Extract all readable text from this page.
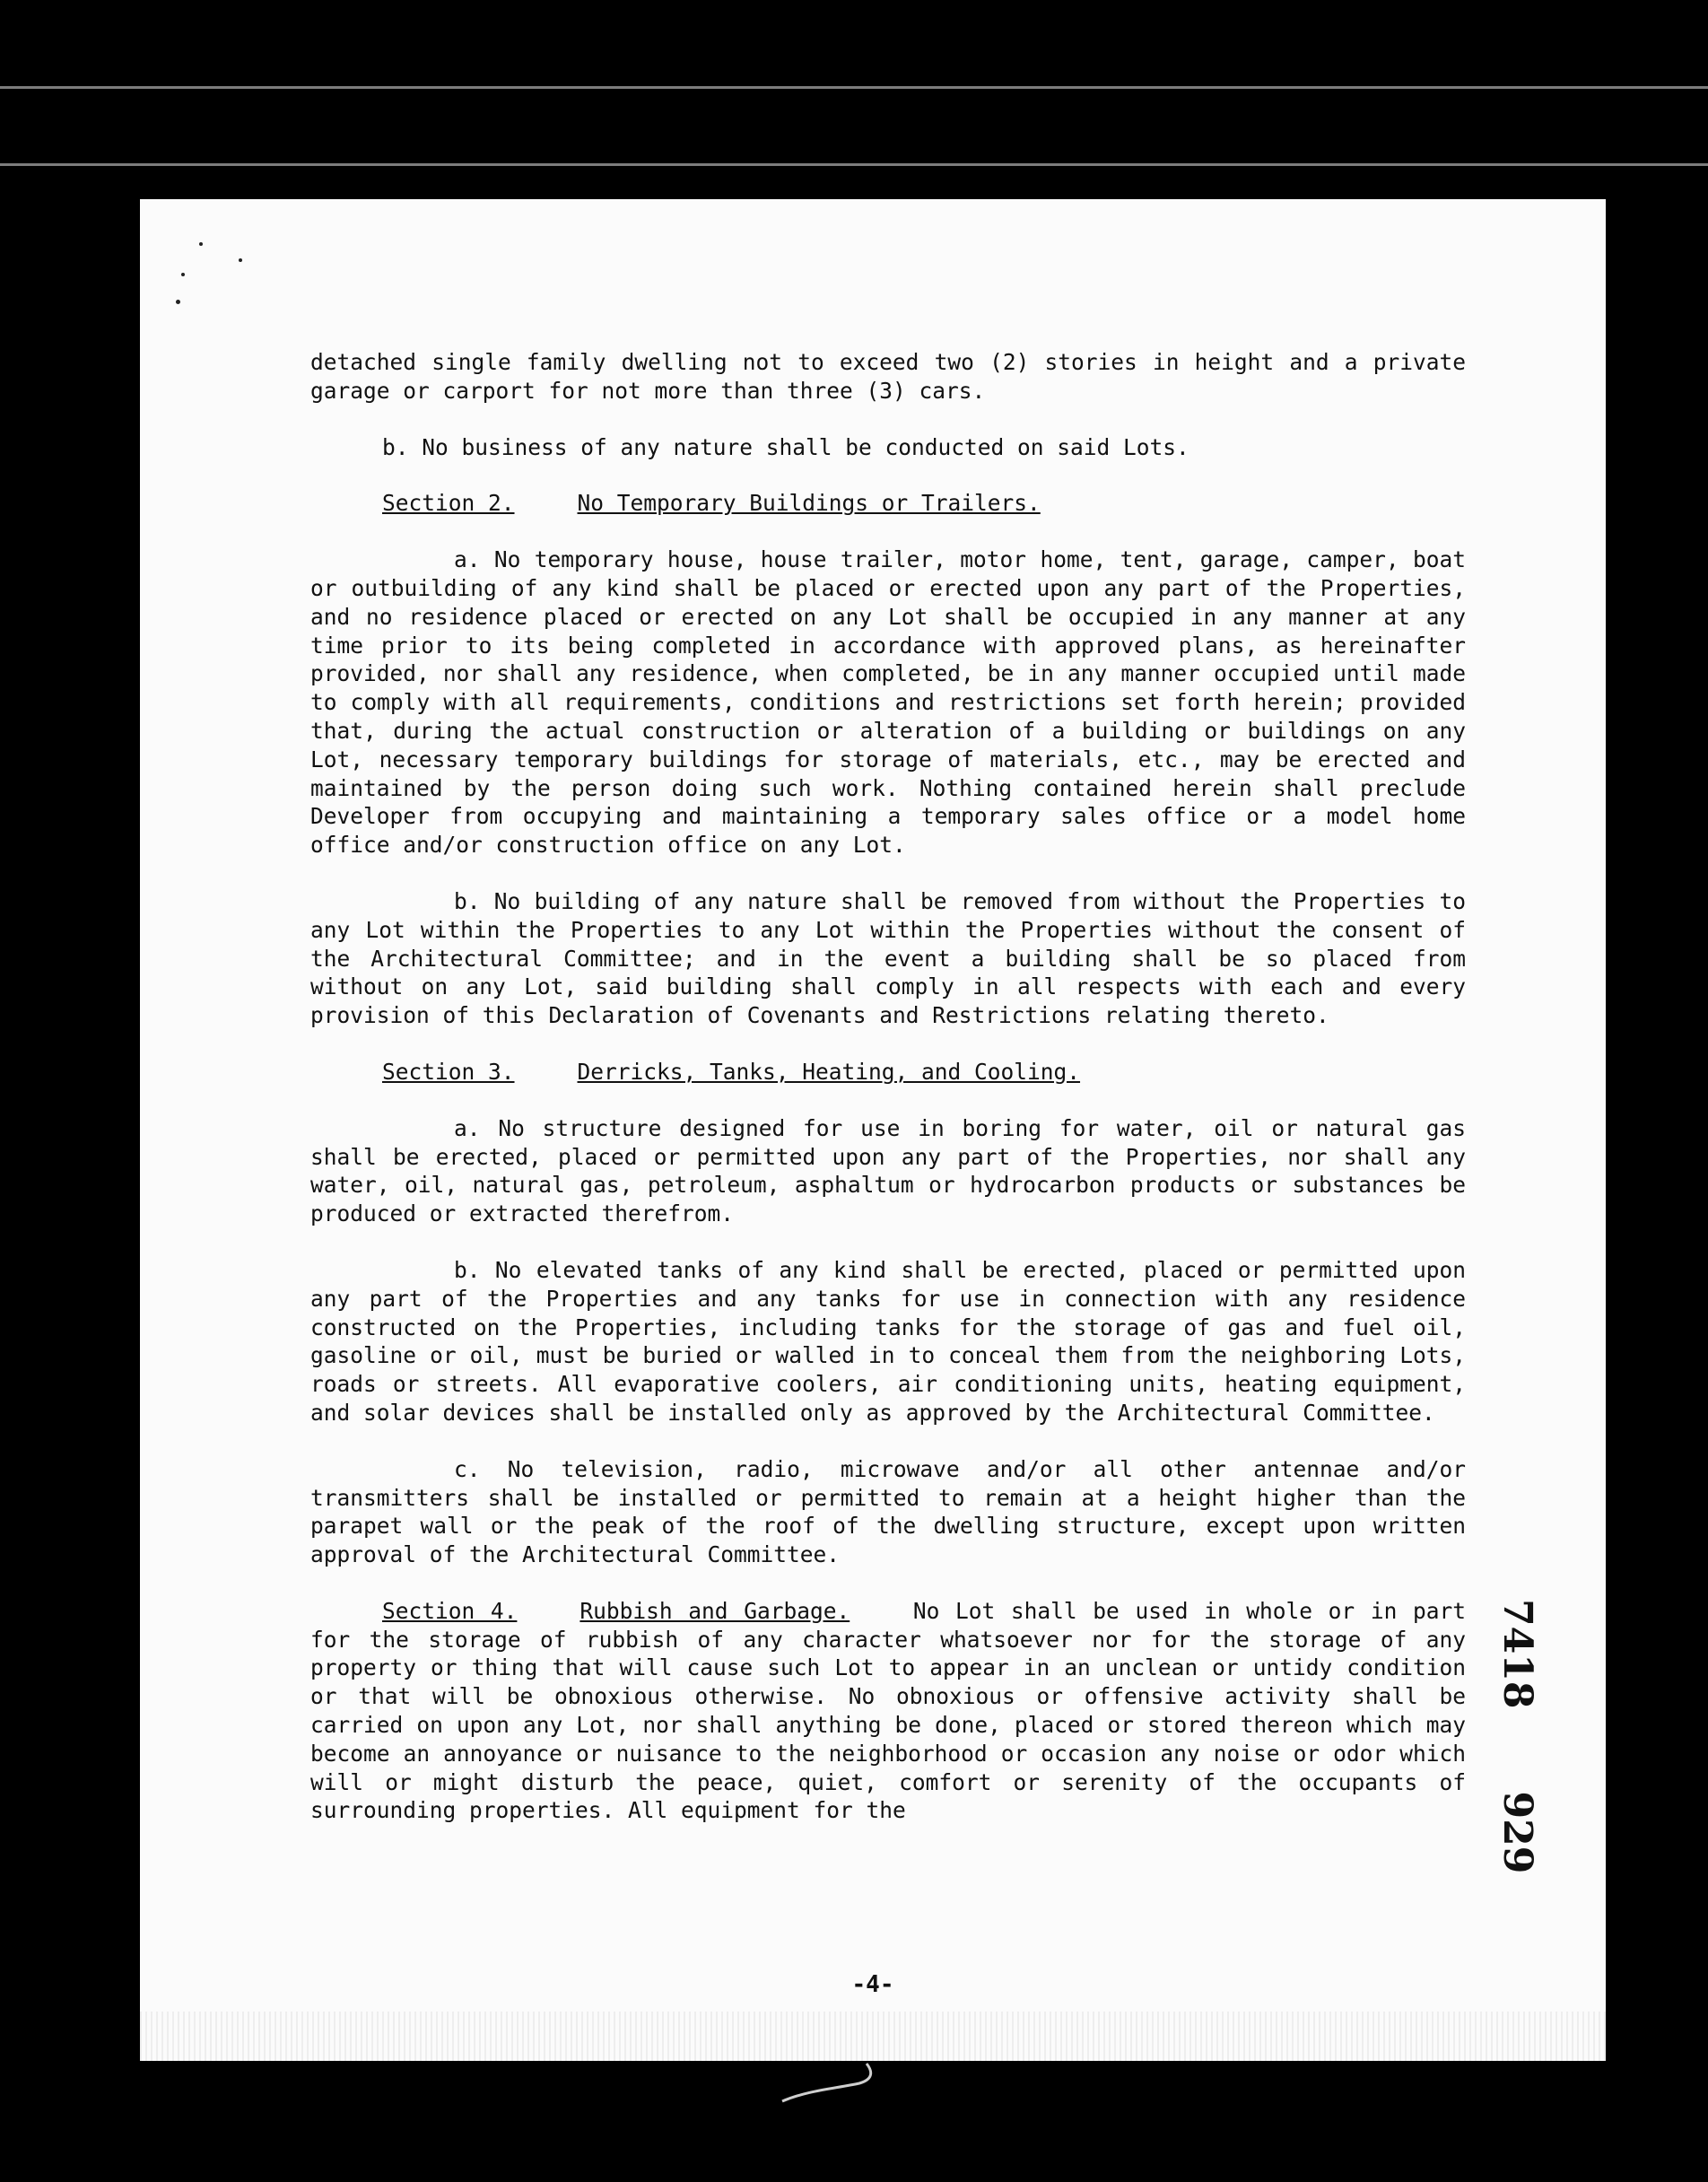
detached single family dwelling not to exceed two (2) stories in height and a private garage or carport for not more than three (3) cars.

b. No business of any nature shall be conducted on said Lots.

Section 2.	No Temporary Buildings or Trailers.

a. No temporary house, house trailer, motor home, tent, garage, camper, boat or outbuilding of any kind shall be placed or erected upon any part of the Properties, and no residence placed or erected on any Lot shall be occupied in any manner at any time prior to its being completed in accordance with approved plans, as hereinafter provided, nor shall any residence, when completed, be in any manner occupied until made to comply with all requirements, conditions and restrictions set forth herein; provided that, during the actual construction or alteration of a building or buildings on any Lot, necessary temporary buildings for storage of materials, etc., may be erected and maintained by the person doing such work. Nothing contained herein shall preclude Developer from occupying and maintaining a temporary sales office or a model home office and/or construction office on any Lot.

b. No building of any nature shall be removed from without the Properties to any Lot within the Properties to any Lot within the Properties without the consent of the Architectural Committee; and in the event a building shall be so placed from without on any Lot, said building shall comply in all respects with each and every provision of this Declaration of Covenants and Restrictions relating thereto.

Section 3.	Derricks, Tanks, Heating, and Cooling.

a. No structure designed for use in boring for water, oil or natural gas shall be erected, placed or permitted upon any part of the Properties, nor shall any water, oil, natural gas, petroleum, asphaltum or hydrocarbon products or substances be produced or extracted therefrom.

b. No elevated tanks of any kind shall be erected, placed or permitted upon any part of the Properties and any tanks for use in connection with any residence constructed on the Properties, including tanks for the storage of gas and fuel oil, gasoline or oil, must be buried or walled in to conceal them from the neighboring Lots, roads or streets. All evaporative coolers, air conditioning units, heating equipment, and solar devices shall be installed only as approved by the Architectural Committee.

c. No television, radio, microwave and/or all other antennae and/or transmitters shall be installed or permitted to remain at a height higher than the parapet wall or the peak of the roof of the dwelling structure, except upon written approval of the Architectural Committee.

Section 4.	Rubbish and Garbage.	No Lot shall be used in whole or in part for the storage of rubbish of any character whatsoever nor for the storage of any property or thing that will cause such Lot to appear in an unclean or untidy condition or that will be obnoxious otherwise. No obnoxious or offensive activity shall be carried on upon any Lot, nor shall anything be done, placed or stored thereon which may become an annoyance or nuisance to the neighborhood or occasion any noise or odor which will or might disturb the peace, quiet, comfort or serenity of the occupants of surrounding properties. All equipment for the

-4-
7418929
